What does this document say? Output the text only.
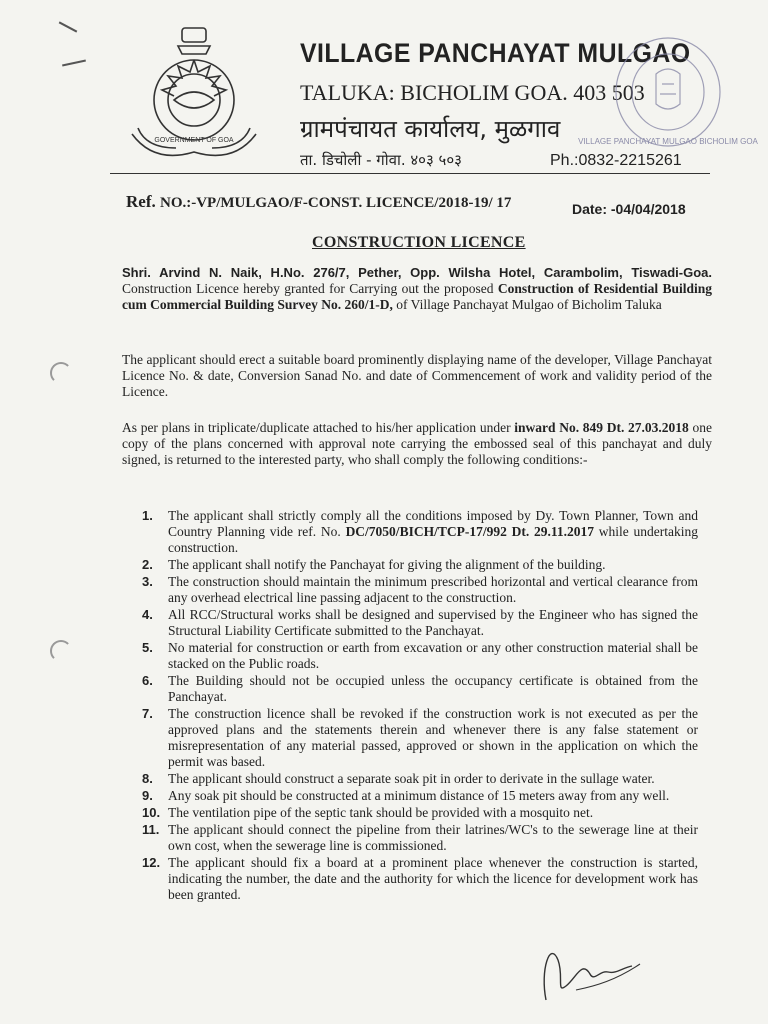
GOVERNMENT OF GOA
VILLAGE PANCHAYAT MULGAO
TALUKA: BICHOLIM GOA. 403 503
ग्रामपंचायत कार्यालय, मुळगाव
ता. डिचोली - गोवा. ४०३ ५०३	Ph.:0832-2215261
VILLAGE PANCHAYAT MULGAO BICHOLIM GOA
Ref. NO.:-VP/MULGAO/F-CONST. LICENCE/2018-19/ 17	Date: -04/04/2018
CONSTRUCTION LICENCE
Shri. Arvind N. Naik, H.No. 276/7, Pether, Opp. Wilsha Hotel, Carambolim, Tiswadi-Goa. Construction Licence hereby granted for Carrying out the proposed Construction of Residential Building cum Commercial Building Survey No. 260/1-D, of Village Panchayat Mulgao of Bicholim Taluka
The applicant should erect a suitable board prominently displaying name of the developer, Village Panchayat Licence No. & date, Conversion Sanad No. and date of Commencement of work and validity period of the Licence.
As per plans in triplicate/duplicate attached to his/her application under inward No. 849 Dt. 27.03.2018 one copy of the plans concerned with approval note carrying the embossed seal of this panchayat and duly signed, is returned to the interested party, who shall comply the following conditions:-
1. The applicant shall strictly comply all the conditions imposed by Dy. Town Planner, Town and Country Planning vide ref. No. DC/7050/BICH/TCP-17/992 Dt. 29.11.2017 while undertaking construction.
2. The applicant shall notify the Panchayat for giving the alignment of the building.
3. The construction should maintain the minimum prescribed horizontal and vertical clearance from any overhead electrical line passing adjacent to the construction.
4. All RCC/Structural works shall be designed and supervised by the Engineer who has signed the Structural Liability Certificate submitted to the Panchayat.
5. No material for construction or earth from excavation or any other construction material shall be stacked on the Public roads.
6. The Building should not be occupied unless the occupancy certificate is obtained from the Panchayat.
7. The construction licence shall be revoked if the construction work is not executed as per the approved plans and the statements therein and whenever there is any false statement or misrepresentation of any material passed, approved or shown in the application on which the permit was based.
8. The applicant should construct a separate soak pit in order to derivate in the sullage water.
9. Any soak pit should be constructed at a minimum distance of 15 meters away from any well.
10. The ventilation pipe of the septic tank should be provided with a mosquito net.
11. The applicant should connect the pipeline from their latrines/WC's to the sewerage line at their own cost, when the sewerage line is commissioned.
12. The applicant should fix a board at a prominent place whenever the construction is started, indicating the number, the date and the authority for which the licence for development work has been granted.
